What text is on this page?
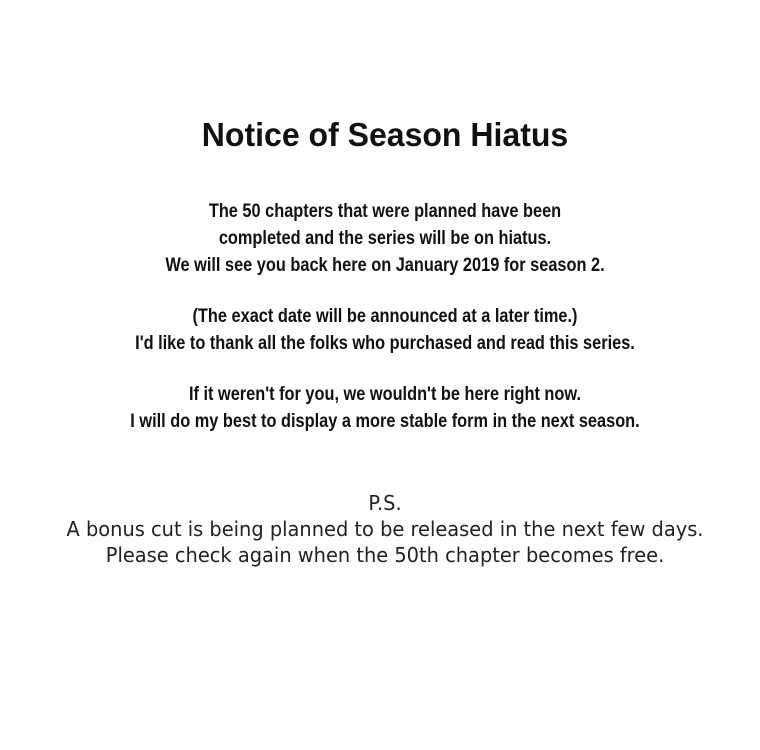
Notice of Season Hiatus

The 50 chapters that were planned have been
completed and the series will be on hiatus.
We will see you back here on January 2019 for season 2.

(The exact date will be announced at a later time.)
I'd like to thank all the folks who purchased and read this series.

If it weren't for you, we wouldn't be here right now.
I will do my best to display a more stable form in the next season.

P.S.
A bonus cut is being planned to be released in the next few days.
Please check again when the 50th chapter becomes free.
